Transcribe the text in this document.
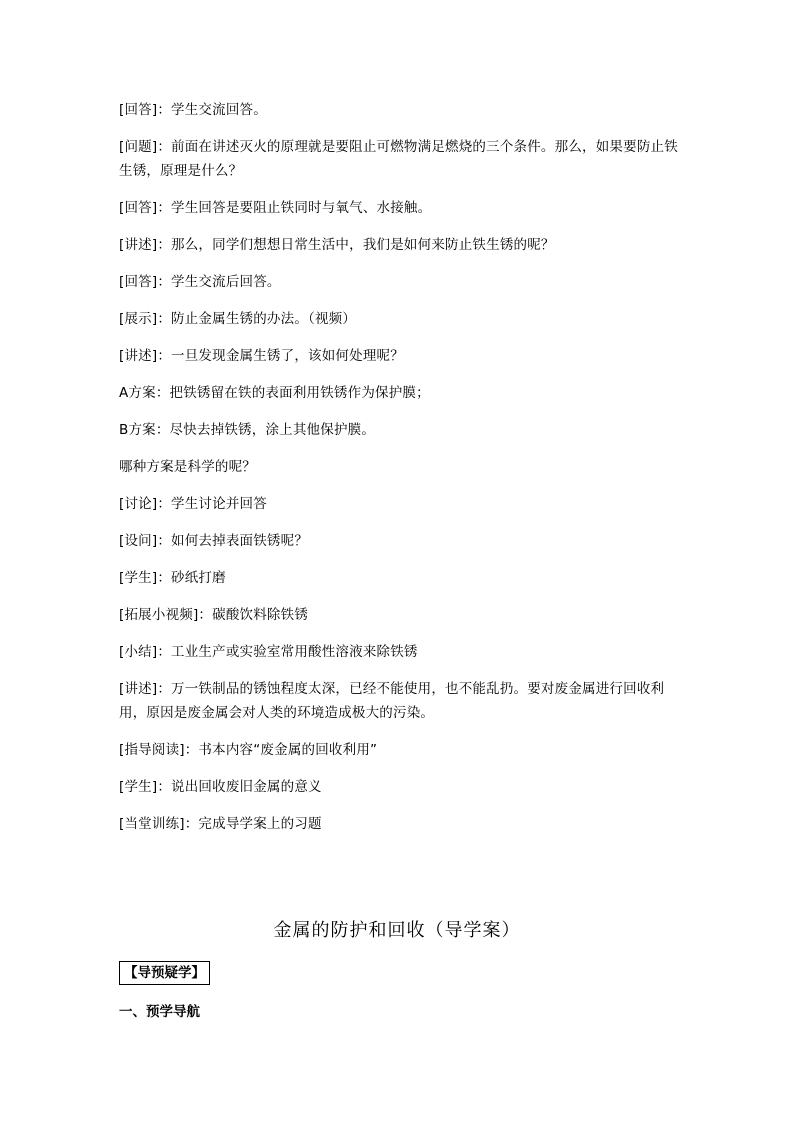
[回答]：学生交流回答。

[问题]：前面在讲述灭火的原理就是要阻止可燃物满足燃烧的三个条件。那么，如果要防止铁生锈，原理是什么？

[回答]：学生回答是要阻止铁同时与氧气、水接触。

[讲述]：那么，同学们想想日常生活中，我们是如何来防止铁生锈的呢？

[回答]：学生交流后回答。

[展示]：防止金属生锈的办法。（视频）

[讲述]：一旦发现金属生锈了，该如何处理呢？

A方案：把铁锈留在铁的表面利用铁锈作为保护膜；

B方案：尽快去掉铁锈，涂上其他保护膜。

哪种方案是科学的呢？

[讨论]：学生讨论并回答

[设问]：如何去掉表面铁锈呢？

[学生]：砂纸打磨

[拓展小视频]：碳酸饮料除铁锈

[小结]：工业生产或实验室常用酸性溶液来除铁锈

[讲述]：万一铁制品的锈蚀程度太深，已经不能使用，也不能乱扔。要对废金属进行回收利用，原因是废金属会对人类的环境造成极大的污染。

[指导阅读]：书本内容“废金属的回收利用”

[学生]：说出回收废旧金属的意义

[当堂训练]：完成导学案上的习题

金属的防护和回收（导学案）
【导预疑学】
一、预学导航
